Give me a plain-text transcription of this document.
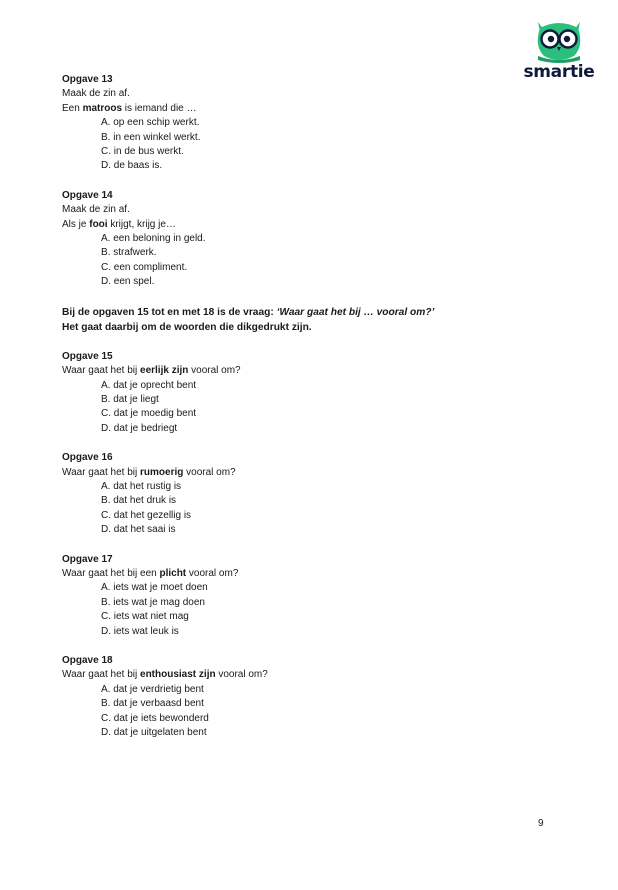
smartie
Opgave 13
Maak de zin af.
Een matroos is iemand die …
A. op een schip werkt.
B. in een winkel werkt.
C. in de bus werkt.
D. de baas is.
Opgave 14
Maak de zin af.
Als je fooi krijgt, krijg je…
A. een beloning in geld.
B. strafwerk.
C. een compliment.
D. een spel.
Bij de opgaven 15 tot en met 18 is de vraag: ‘Waar gaat het bij … vooral om?’
Het gaat daarbij om de woorden die dikgedrukt zijn.
Opgave 15
Waar gaat het bij eerlijk zijn vooral om?
A. dat je oprecht bent
B. dat je liegt
C. dat je moedig bent
D. dat je bedriegt
Opgave 16
Waar gaat het bij rumoerig vooral om?
A. dat het rustig is
B. dat het druk is
C. dat het gezellig is
D. dat het saai is
Opgave 17
Waar gaat het bij een plicht vooral om?
A. iets wat je moet doen
B. iets wat je mag doen
C. iets wat niet mag
D. iets wat leuk is
Opgave 18
Waar gaat het bij enthousiast zijn vooral om?
A. dat je verdrietig bent
B. dat je verbaasd bent
C. dat je iets bewonderd
D. dat je uitgelaten bent
9
